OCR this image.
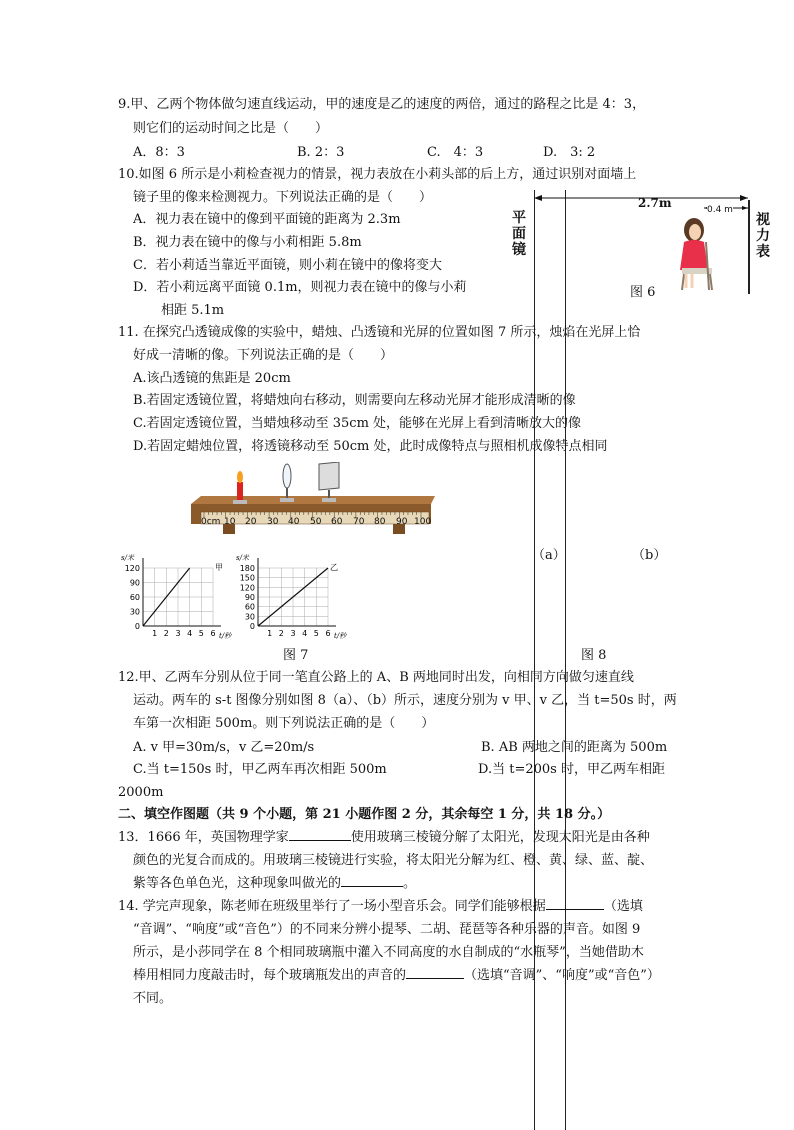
9.甲、乙两个物体做匀速直线运动，甲的速度是乙的速度的两倍，通过的路程之比是 4：3，
则它们的运动时间之比是（　　）
A．8：3	B. 2：3	C.　4：3	D.　3: 2
10.如图 6 所示是小莉检查视力的情景，视力表放在小莉头部的后上方，通过识别对面墙上
镜子里的像来检测视力。下列说法正确的是（　　）
A．视力表在镜中的像到平面镜的距离为 2.3m
B．视力表在镜中的像与小莉相距 5.8m
C．若小莉适当靠近平面镜，则小莉在镜中的像将变大
D．若小莉远离平面镜 0.1m，则视力表在镜中的像与小莉
相距 5.1m
平
面
镜
视
力
表
2.7m	0.4 m
图 6
11. 在探究凸透镜成像的实验中，蜡烛、凸透镜和光屏的位置如图 7 所示，烛焰在光屏上恰
好成一清晰的像。下列说法正确的是（　　）
A.该凸透镜的焦距是 20cm
B.若固定透镜位置，将蜡烛向右移动，则需要向左移动光屏才能形成清晰的像
C.若固定透镜位置，当蜡烛移动至 35cm 处，能够在光屏上看到清晰放大的像
D.若固定蜡烛位置，将透镜移动至 50cm 处，此时成像特点与照相机成像特点相同
0cm 10 20 30 40 50 60 70 80 90 100
（a）	（b）
0
30
60
90
120
1 2 3 4 5 6
s/米
t/秒
甲
0
30
60
90
120
150
180
1 2 3 4 5 6
s/米
t/秒
乙
图 7	图 8
12.甲、乙两车分别从位于同一笔直公路上的 A、B 两地同时出发，向相同方向做匀速直线
运动。两车的 s-t 图像分别如图 8（a）、（b）所示，速度分别为 v 甲、v 乙，当 t=50s 时，两
车第一次相距 500m。则下列说法正确的是（　　）
A. v 甲=30m/s，v 乙=20m/s	B. AB 两地之间的距离为 500m
C.当 t=150s 时，甲乙两车再次相距 500m	D.当 t=200s 时，甲乙两车相距
2000m
二、填空作图题（共 9 个小题，第 21 小题作图 2 分，其余每空 1 分，共 18 分。）
13．1666 年，英国物理学家	使用玻璃三棱镜分解了太阳光，发现太阳光是由各种
颜色的光复合而成的。用玻璃三棱镜进行实验，将太阳光分解为红、橙、黄、绿、蓝、靛、
紫等各色单色光，这种现象叫做光的	。
14. 学完声现象，陈老师在班级里举行了一场小型音乐会。同学们能够根据	（选填
“音调”、“响度”或“音色”）的不同来分辨小提琴、二胡、琵琶等各种乐器的声音。如图 9
所示，是小莎同学在 8 个相同玻璃瓶中灌入不同高度的水自制成的“水瓶琴”，当她借助木
棒用相同力度敲击时，每个玻璃瓶发出的声音的	（选填“音调”、“响度”或“音色”）
不同。
